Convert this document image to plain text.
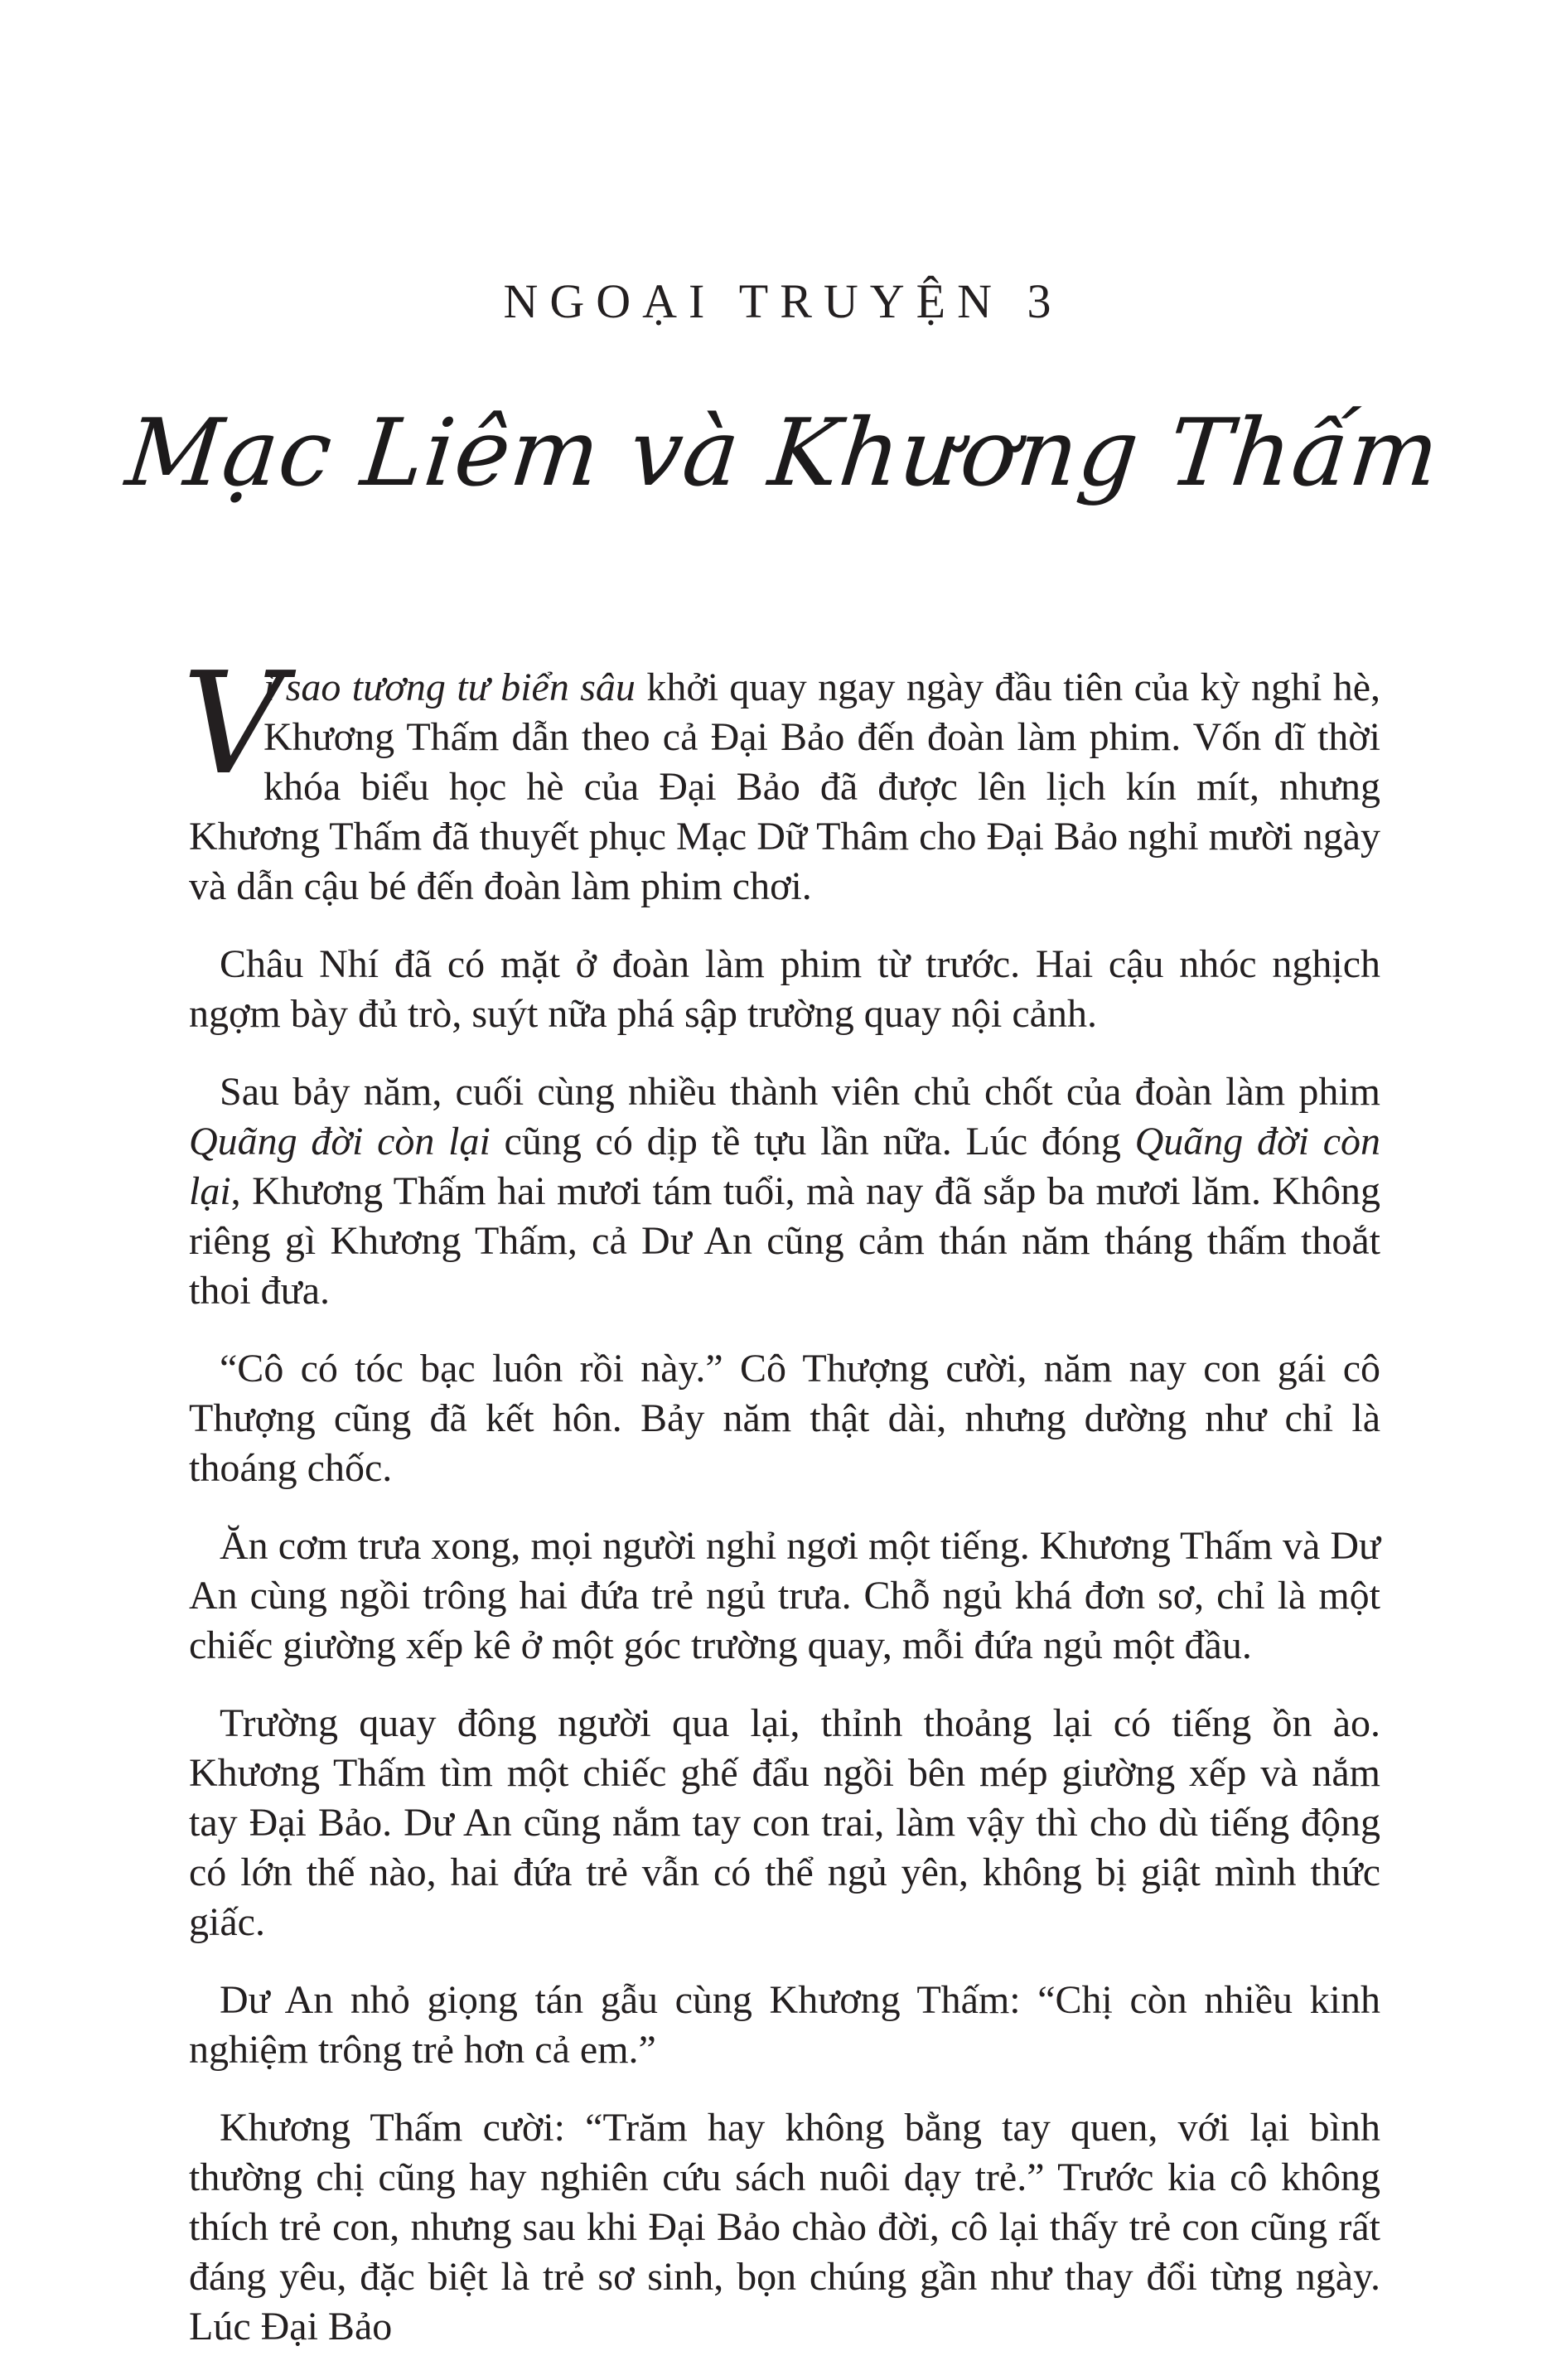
NGOẠI TRUYỆN 3
Mạc Liêm và Khương Thấm

V
ì sao tương tư biển sâu khởi quay ngay ngày đầu tiên của kỳ nghỉ hè, Khương Thấm dẫn theo cả Đại Bảo đến đoàn làm phim. Vốn dĩ thời khóa biểu học hè của Đại Bảo đã được lên lịch kín mít, nhưng Khương Thấm đã thuyết phục Mạc Dữ Thâm cho Đại Bảo nghỉ mười ngày và dẫn cậu bé đến đoàn làm phim chơi.

Châu Nhí đã có mặt ở đoàn làm phim từ trước. Hai cậu nhóc nghịch ngợm bày đủ trò, suýt nữa phá sập trường quay nội cảnh.

Sau bảy năm, cuối cùng nhiều thành viên chủ chốt của đoàn làm phim Quãng đời còn lại cũng có dịp tề tựu lần nữa. Lúc đóng Quãng đời còn lại, Khương Thấm hai mươi tám tuổi, mà nay đã sắp ba mươi lăm. Không riêng gì Khương Thấm, cả Dư An cũng cảm thán năm tháng thấm thoắt thoi đưa.

“Cô có tóc bạc luôn rồi này.” Cô Thượng cười, năm nay con gái cô Thượng cũng đã kết hôn. Bảy năm thật dài, nhưng dường như chỉ là thoáng chốc.

Ăn cơm trưa xong, mọi người nghỉ ngơi một tiếng. Khương Thấm và Dư An cùng ngồi trông hai đứa trẻ ngủ trưa. Chỗ ngủ khá đơn sơ, chỉ là một chiếc giường xếp kê ở một góc trường quay, mỗi đứa ngủ một đầu.

Trường quay đông người qua lại, thỉnh thoảng lại có tiếng ồn ào. Khương Thấm tìm một chiếc ghế đẩu ngồi bên mép giường xếp và nắm tay Đại Bảo. Dư An cũng nắm tay con trai, làm vậy thì cho dù tiếng động có lớn thế nào, hai đứa trẻ vẫn có thể ngủ yên, không bị giật mình thức giấc.

Dư An nhỏ giọng tán gẫu cùng Khương Thấm: “Chị còn nhiều kinh nghiệm trông trẻ hơn cả em.”

Khương Thấm cười: “Trăm hay không bằng tay quen, với lại bình thường chị cũng hay nghiên cứu sách nuôi dạy trẻ.” Trước kia cô không thích trẻ con, nhưng sau khi Đại Bảo chào đời, cô lại thấy trẻ con cũng rất đáng yêu, đặc biệt là trẻ sơ sinh, bọn chúng gần như thay đổi từng ngày. Lúc Đại Bảo
